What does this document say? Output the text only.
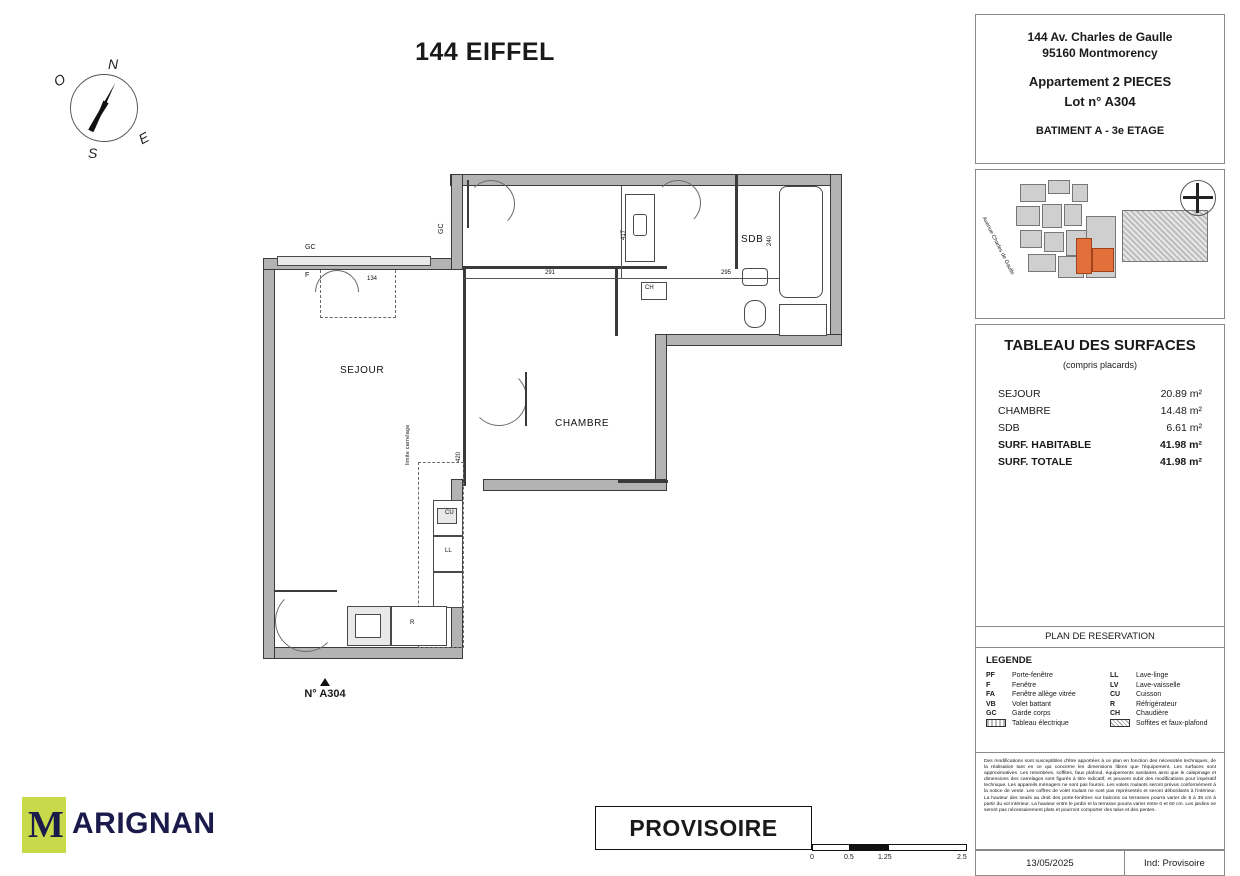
144 EIFFEL
N
S
O
E
GC
GC
F	134
CH
CU
LL
R
limite carrelage
291	295
417
240
420
SEJOUR
CHAMBRE
SDB
N° A304
M ARIGNAN	PROVISOIRE
0	0.5	1.25	2.5
144 Av. Charles de Gaulle
95160 Montmorency
Appartement 2 PIECES
Lot n° A304
BATIMENT A - 3e ETAGE
Avenue Charles de Gaulle
TABLEAU DES SURFACES
(compris placards)
SEJOUR	20.89 m²
CHAMBRE	14.48 m²
SDB	6.61 m²
SURF. HABITABLE	41.98 m²
SURF. TOTALE	41.98 m²
PLAN DE RESERVATION
LEGENDE
PF	Porte-fenêtre
F	Fenêtre
FA	Fenêtre allège vitrée
VB	Volet battant
GC	Garde corps
Tableau électrique
LL	Lave-linge
LV	Lave-vaisselle
CU	Cuisson
R	Réfrigérateur
CH	Chaudière
Soffites et faux-plafond
Des modifications sont susceptibles d'être apportées à ce plan en fonction des nécessités techniques, de la réalisation tant en ce qui concerne les dimensions libres que l'équipement. Les surfaces sont approximatives. Les retombées, soffites, faux plafond, équipements sanitaires ainsi que le calepinage et dimensions des carrelages sont figurés à titre indicatif, et peuvent subir des modifications pour impératif technique. Les appareils ménagers ne sont pas fournis. Les volets roulants seront prévus conformément à la notice de vente. Les coffres de volet roulant ne sont pas représentés et seront débordants à l'intérieur. La hauteur des seuils au droit des porte-fenêtres sur balcons ou terrasses pourra varier de 5 à 35 cm à partir du sol intérieur. La hauteur entre le jardin et la terrasse pourra varier entre 0 et 60 cm. Les jardins ne seront pas nécessairement plats et pourront comporter des talus et des pentes.
13/05/2025	Ind: Provisoire
